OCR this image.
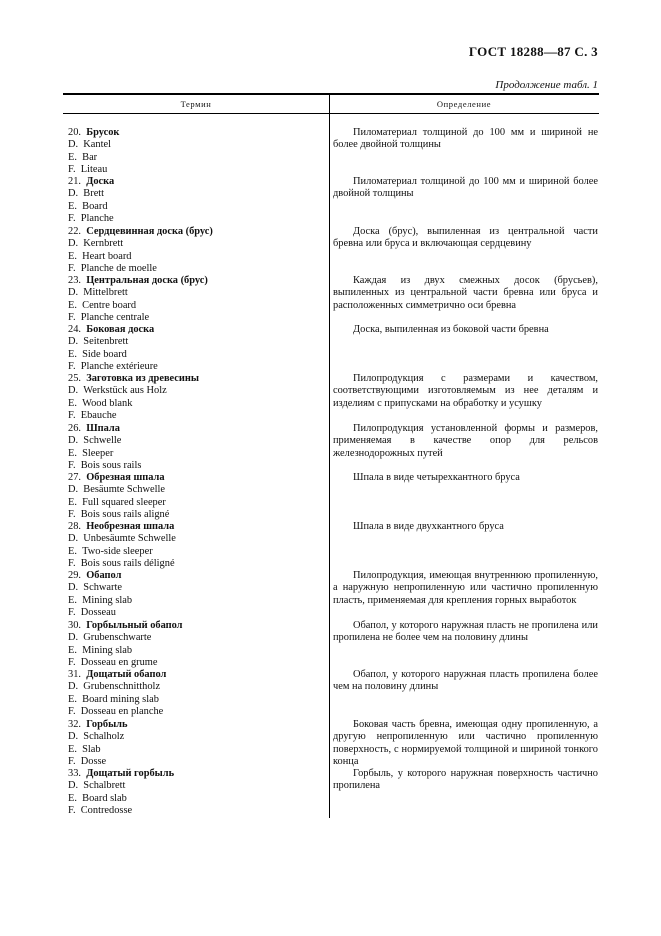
ГОСТ 18288—87 С. 3
Продолжение табл. 1
Термин	Определение
20. Брусок
D.  Kantel
E.  Bar
F.  Liteau
Пиломатериал толщиной до 100 мм и шириной не более двойной толщины
21. Доска
D.  Brett
E.  Board
F.  Planche
Пиломатериал толщиной до 100 мм и шириной более двойной толщины
22. Сердцевинная доска (брус)
D.  Kernbrett
E.  Heart board
F.  Planche de moelle
Доска (брус), выпиленная из центральной части бревна или бруса и включающая сердцевину
23. Центральная доска (брус)
D.  Mittelbrett
E.  Centre board
F.  Planche centrale
Каждая из двух смежных досок (брусьев), выпиленных из центральной части бревна или бруса и расположенных симметрично оси бревна
24. Боковая доска
D.  Seitenbrett
E.  Side board
F.  Planche extérieure
Доска, выпиленная из боковой части бревна
25. Заготовка из древесины
D.  Werkstück aus Holz
E.  Wood blank
F.  Ebauche
Пилопродукция с размерами и качеством, соответствующими изготовляемым из нее деталям и изделиям с припусками на обработку и усушку
26. Шпала
D.  Schwelle
E.  Sleeper
F.  Bois sous rails
Пилопродукция установленной формы и размеров, применяемая в качестве опор для рельсов железнодорожных путей
27. Обрезная шпала
D.  Besäumte Schwelle
E.  Full squared sleeper
F.  Bois sous rails aligné
Шпала в виде четырехкантного бруса
28. Необрезная шпала
D.  Unbesäumte Schwelle
E.  Two-side sleeper
F.  Bois sous rails déligné
Шпала в виде двухкантного бруса
29. Обапол
D.  Schwarte
E.  Mining slab
F.  Dosseau
Пилопродукция, имеющая внутреннюю пропиленную, а наружную непропиленную или частично пропиленную пласть, применяемая для крепления горных выработок
30. Горбыльный обапол
D.  Grubenschwarte
E.  Mining slab
F.  Dosseau en grume
Обапол, у которого наружная пласть не пропилена или пропилена не более чем на половину длины
31. Дощатый обапол
D.  Grubenschnittholz
E.  Board mining slab
F.  Dosseau en planche
Обапол, у которого наружная пласть пропилена более чем на половину длины
32. Горбыль
D.  Schalholz
E.  Slab
F.  Dosse
Боковая часть бревна, имеющая одну пропиленную, а другую непропиленную или частично пропиленную поверхность, с нормируемой толщиной и шириной тонкого конца
33. Дощатый горбыль
D.  Schalbrett
E.  Board slab
F.  Contredosse
Горбыль, у которого наружная поверхность частично пропилена
